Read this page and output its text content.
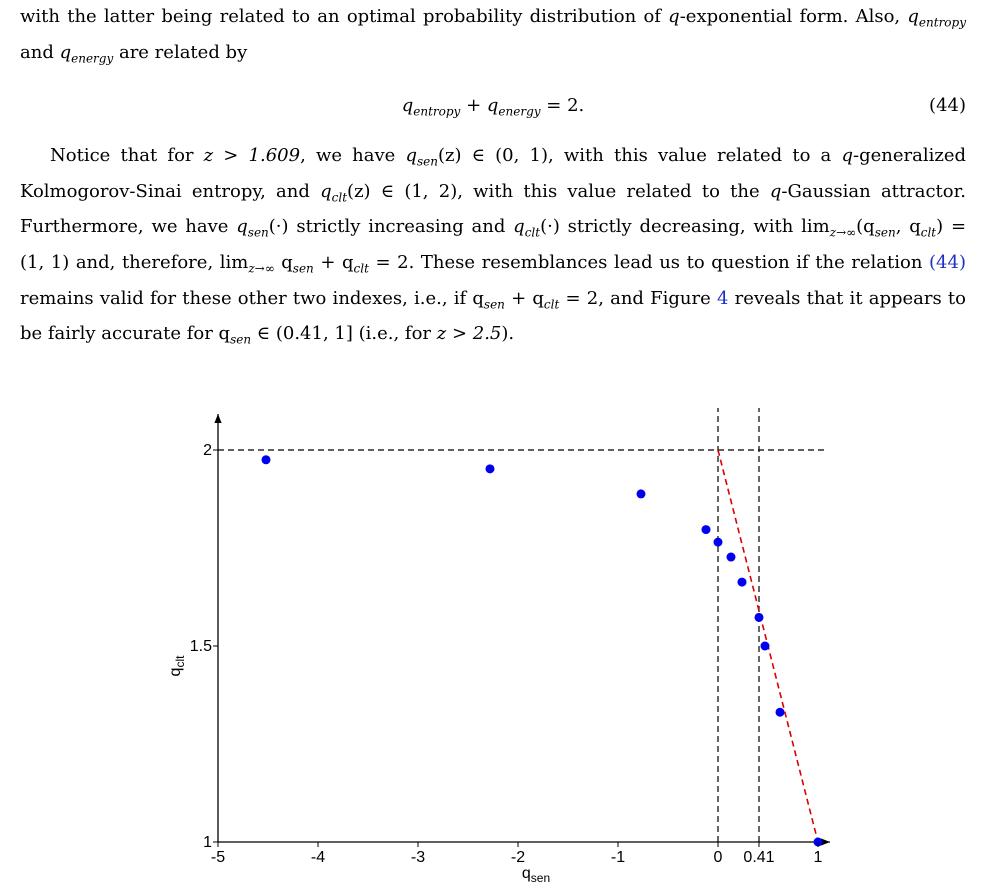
with the latter being related to an optimal probability distribution of q-exponential form. Also, $q_{entropy}$ and $q_{energy}$ are related by

$q_{entropy} + q_{energy} = 2$.	(44)

Notice that for z > 1.609, we have $q_{sen}(z)$ ∈ (0, 1), with this value related to a q-generalized Kolmogorov-Sinai entropy, and $q_{clt}(z)$ ∈ (1, 2), with this value related to the q-Gaussian attractor. Furthermore, we have $q_{sen}(\cdot)$ strictly increasing and $q_{clt}(\cdot)$ strictly decreasing, with $\lim_{z\to\infty}(q_{sen}$, $q_{clt}) = (1$, 1) and, therefore, $\lim_{z\to\infty} q_{sen} + q_{clt} = 2$. These resemblances lead us to question if the relation (44) remains valid for these other two indexes, i.e., if $q_{sen} + q_{clt} = 2$, and Figure 4 reveals that it appears to be fairly accurate for $q_{sen}$ ∈ (0.41, 1] (i.e., for z > 2.5).

-5	-4	-3	-2	-1	0 0.41 1
1
1.5
2
$q_{sen}$
$q_{clt}$
